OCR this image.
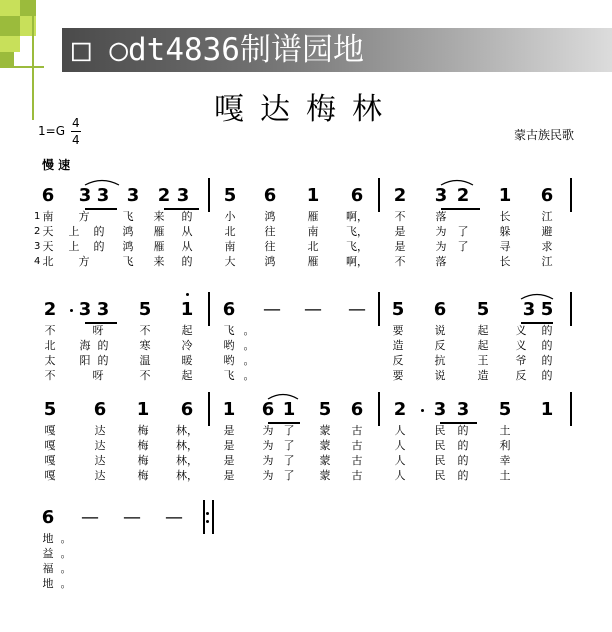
□ ○dt4836制谱园地
嘎达梅林
1=G
4
4	蒙古族民歌
慢 速
6 3 3 3 2 3 5 6 1 6 2 3 2 1 6
1 南	方	飞	来	的	小	鸿	雁	啊，	不	落	长	江
2 天	上	的	鸿	雁	从	北	往	南	飞，	是	为	了	躲	避
3 天	上	的	鸿	雁	从	南	往	北	飞，	是	为	了	寻	求
4 北	方	飞	来	的	大	鸿	雁	啊，	不	落	长	江
2 3 3 5 1 6 — — — 5 6 5 3 5
不	呀	不	起	飞 。	要	说	起	义	的
北	海 的	寒	冷	哟 。	造	反	起	义	的
太	阳 的	温	暖	哟 。	反	抗	王	爷	的
不	呀	不	起	飞 。	要	说	造	反	的
5 6 1 6 1 6 1 5 6 2 3 3 5 1
嘎	达	梅	林，	是	为 了	蒙	古	人	民	的	土
嘎	达	梅	林，	是	为 了	蒙	古	人	民	的	利
嘎	达	梅	林，	是	为 了	蒙	古	人	民	的	幸
嘎	达	梅	林，	是	为 了	蒙	古	人	民	的	土
6 — — —
地 。
益 。
福 。
地 。
